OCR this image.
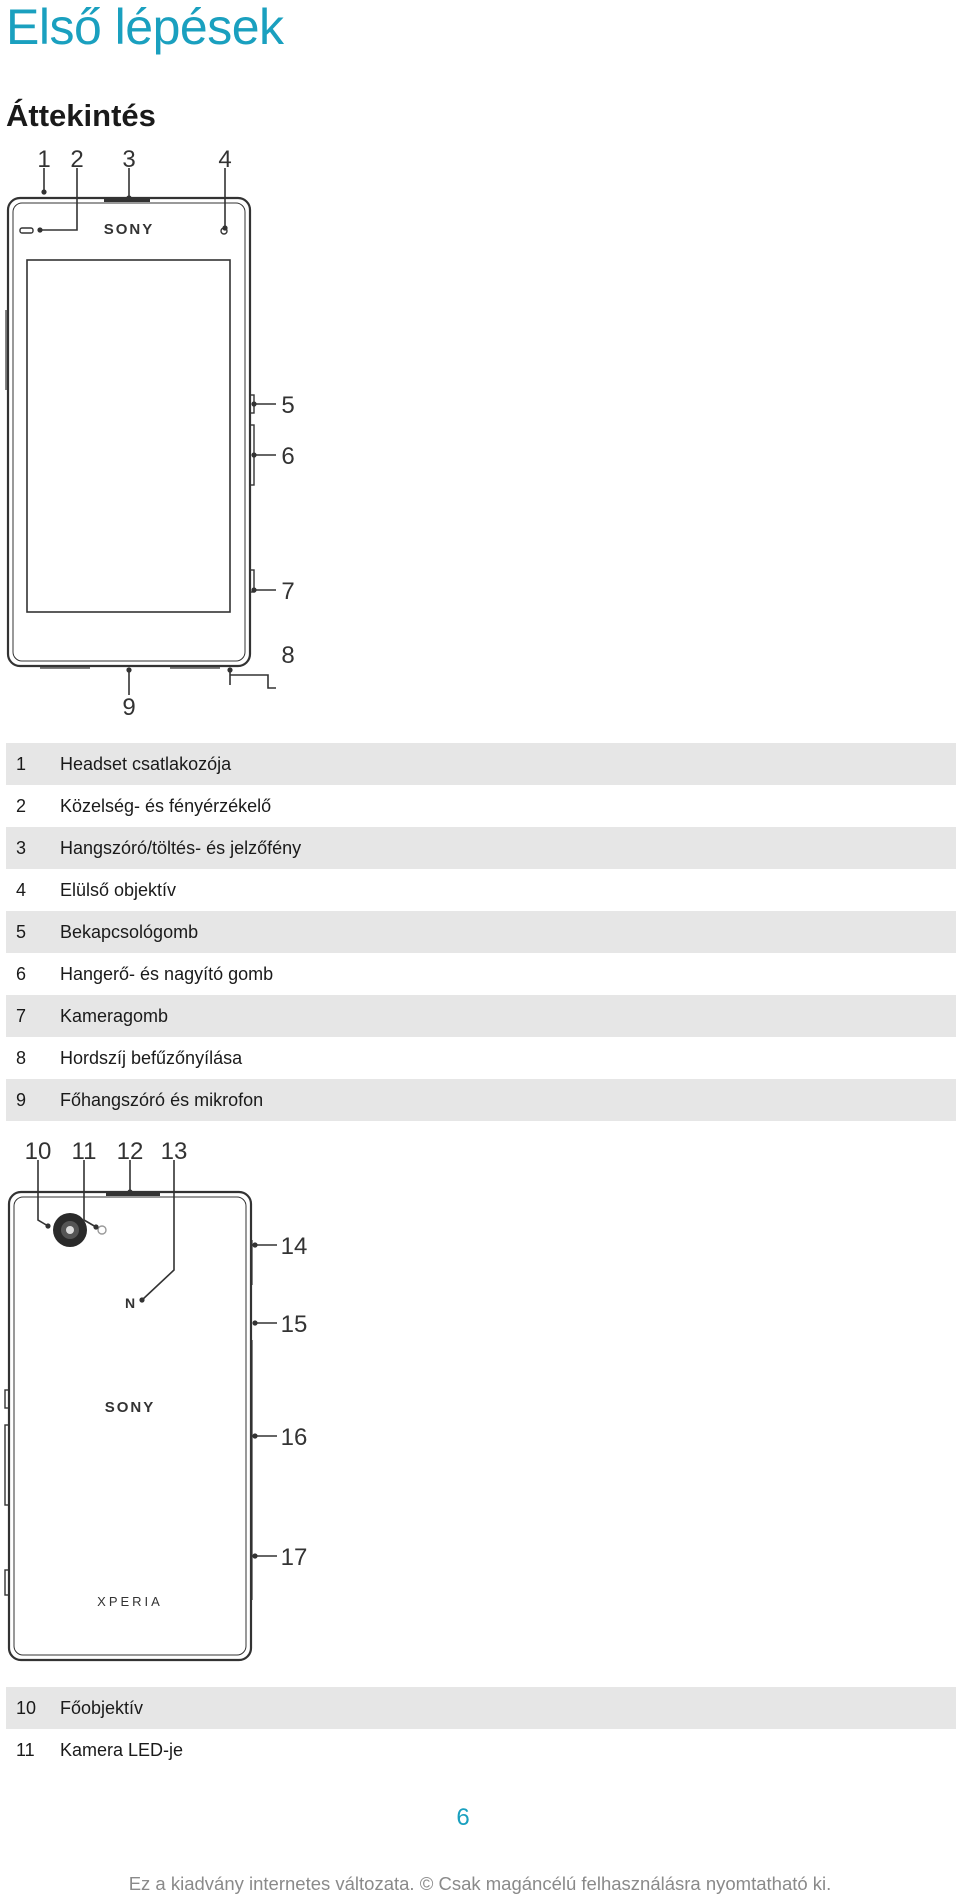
Első lépések
Áttekintés
SONY
1 2 3	4
5
6
7
8
9
1	Headset csatlakozója
2	Közelség- és fényérzékelő
3	Hangszóró/töltés- és jelzőfény
4	Elülső objektív
5	Bekapcsológomb
6	Hangerő- és nagyító gomb
7	Kameragomb
8	Hordszíj befűzőnyílása
9	Főhangszóró és mikrofon
N
SONY
XPERIA
10 11 12 13
14
15
16
17
10	Főobjektív
11	Kamera LED-je
6
Ez a kiadvány internetes változata. © Csak magáncélú felhasználásra nyomtatható ki.
